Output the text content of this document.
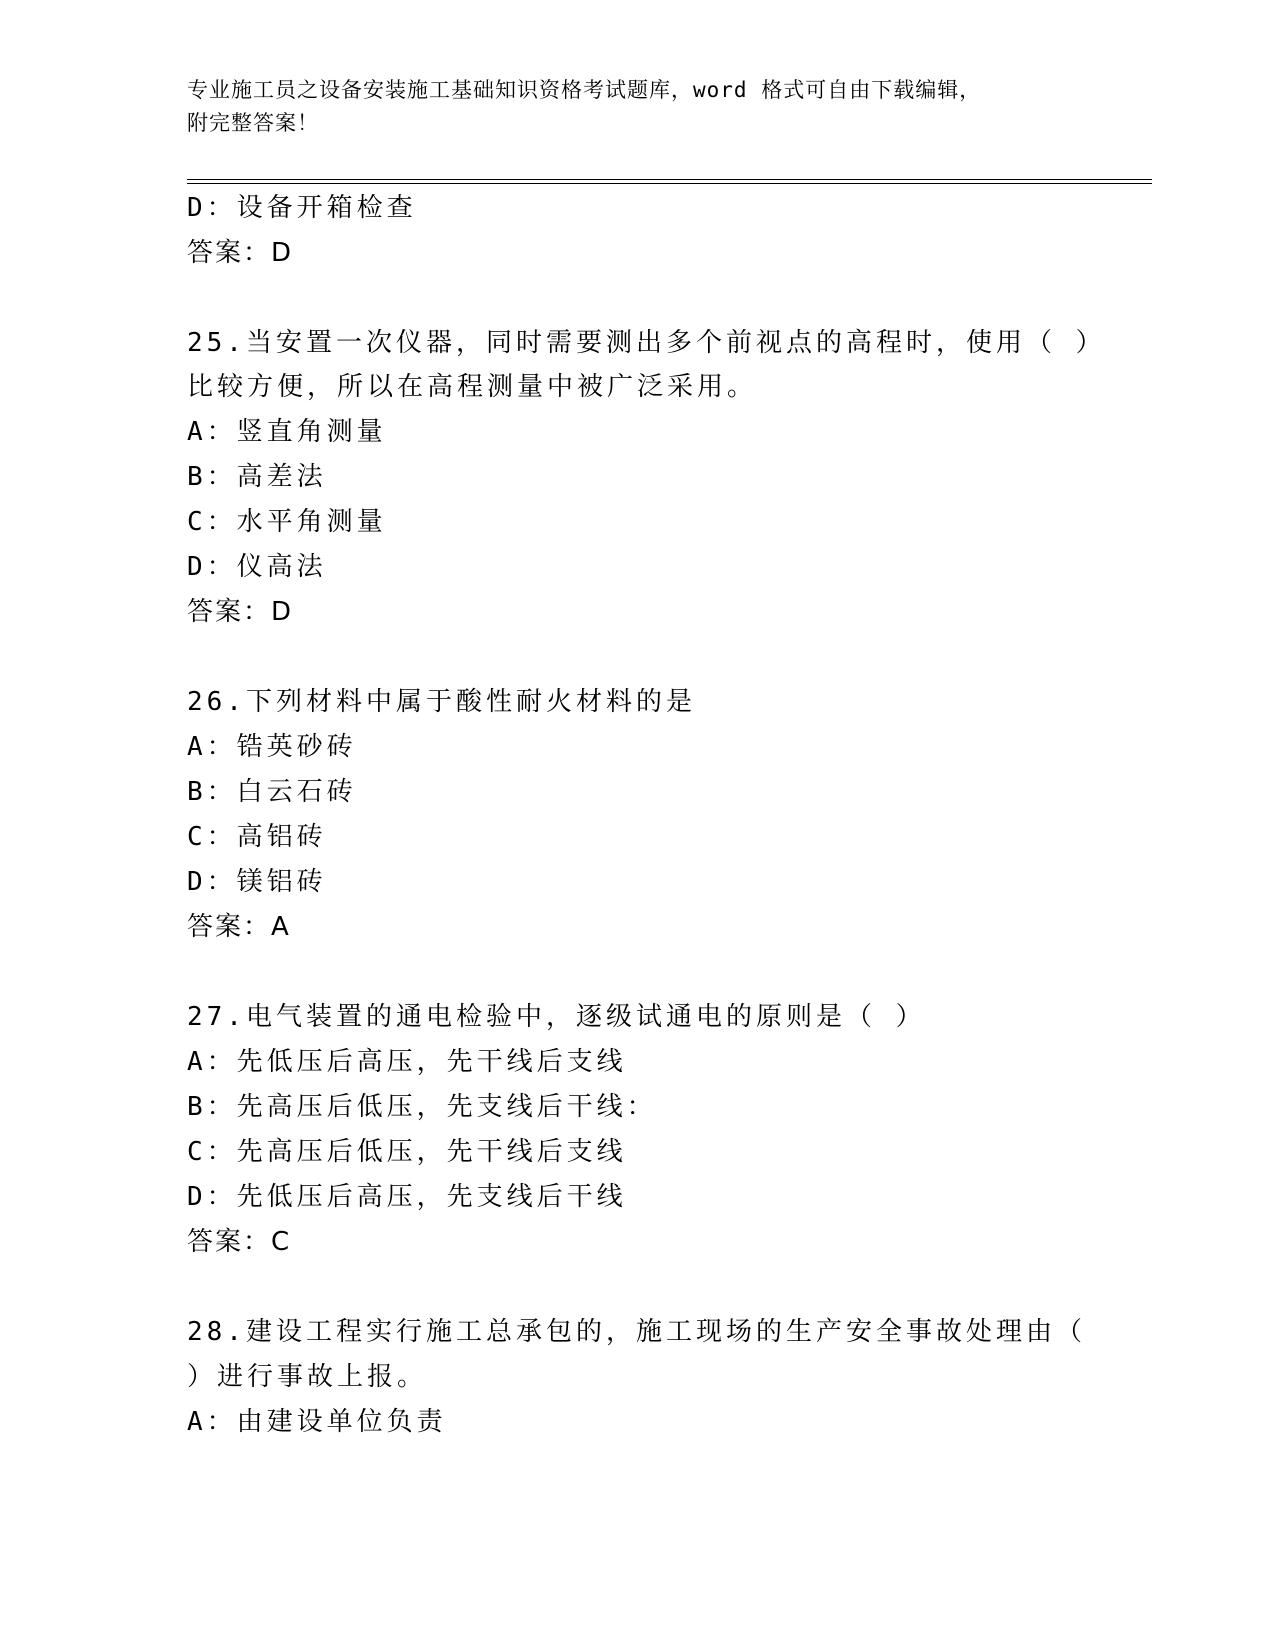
专业施工员之设备安装施工基础知识资格考试题库，word 格式可自由下载编辑，
附完整答案！
D：设备开箱检查
答案：D
25.当安置一次仪器，同时需要测出多个前视点的高程时，使用（ ）
比较方便，所以在高程测量中被广泛采用。
A：竖直角测量
B：高差法
C：水平角测量
D：仪高法
答案：D
26.下列材料中属于酸性耐火材料的是
A：锆英砂砖
B：白云石砖
C：高铝砖
D：镁铝砖
答案：A
27.电气装置的通电检验中，逐级试通电的原则是（ ）
A：先低压后高压，先干线后支线
B：先高压后低压，先支线后干线：
C：先高压后低压，先干线后支线
D：先低压后高压，先支线后干线
答案：C
28.建设工程实行施工总承包的，施工现场的生产安全事故处理由（
）进行事故上报。
A：由建设单位负责
